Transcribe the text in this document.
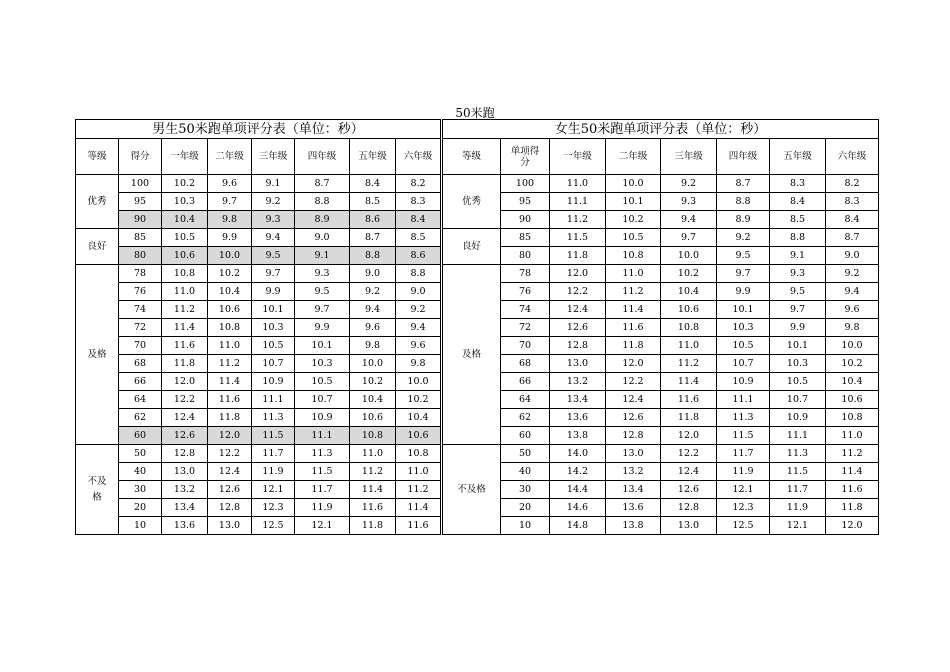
50米跑
男生50米跑单项评分表（单位：秒）							
等级	得分	一年级	二年级	三年级	四年级	五年级	六年级
优秀	100	10.2	9.6	9.1	8.7	8.4	8.2
	95	10.3	9.7	9.2	8.8	8.5	8.3
	90	10.4	9.8	9.3	8.9	8.6	8.4
良好	85	10.5	9.9	9.4	9.0	8.7	8.5
	80	10.6	10.0	9.5	9.1	8.8	8.6
及格	78	10.8	10.2	9.7	9.3	9.0	8.8
	76	11.0	10.4	9.9	9.5	9.2	9.0
	74	11.2	10.6	10.1	9.7	9.4	9.2
	72	11.4	10.8	10.3	9.9	9.6	9.4
	70	11.6	11.0	10.5	10.1	9.8	9.6
	68	11.8	11.2	10.7	10.3	10.0	9.8
	66	12.0	11.4	10.9	10.5	10.2	10.0
	64	12.2	11.6	11.1	10.7	10.4	10.2
	62	12.4	11.8	11.3	10.9	10.6	10.4
	60	12.6	12.0	11.5	11.1	10.8	10.6
不及格	50	12.8	12.2	11.7	11.3	11.0	10.8
	40	13.0	12.4	11.9	11.5	11.2	11.0
	30	13.2	12.6	12.1	11.7	11.4	11.2
	20	13.4	12.8	12.3	11.9	11.6	11.4
	10	13.6	13.0	12.5	12.1	11.8	11.6
女生50米跑单项评分表（单位：秒）							
等级	单项得分	一年级	二年级	三年级	四年级	五年级	六年级
优秀	100	11.0	10.0	9.2	8.7	8.3	8.2
	95	11.1	10.1	9.3	8.8	8.4	8.3
	90	11.2	10.2	9.4	8.9	8.5	8.4
良好	85	11.5	10.5	9.7	9.2	8.8	8.7
	80	11.8	10.8	10.0	9.5	9.1	9.0
及格	78	12.0	11.0	10.2	9.7	9.3	9.2
	76	12.2	11.2	10.4	9.9	9.5	9.4
	74	12.4	11.4	10.6	10.1	9.7	9.6
	72	12.6	11.6	10.8	10.3	9.9	9.8
	70	12.8	11.8	11.0	10.5	10.1	10.0
	68	13.0	12.0	11.2	10.7	10.3	10.2
	66	13.2	12.2	11.4	10.9	10.5	10.4
	64	13.4	12.4	11.6	11.1	10.7	10.6
	62	13.6	12.6	11.8	11.3	10.9	10.8
	60	13.8	12.8	12.0	11.5	11.1	11.0
不及格	50	14.0	13.0	12.2	11.7	11.3	11.2
	40	14.2	13.2	12.4	11.9	11.5	11.4
	30	14.4	13.4	12.6	12.1	11.7	11.6
	20	14.6	13.6	12.8	12.3	11.9	11.8
	10	14.8	13.8	13.0	12.5	12.1	12.0
